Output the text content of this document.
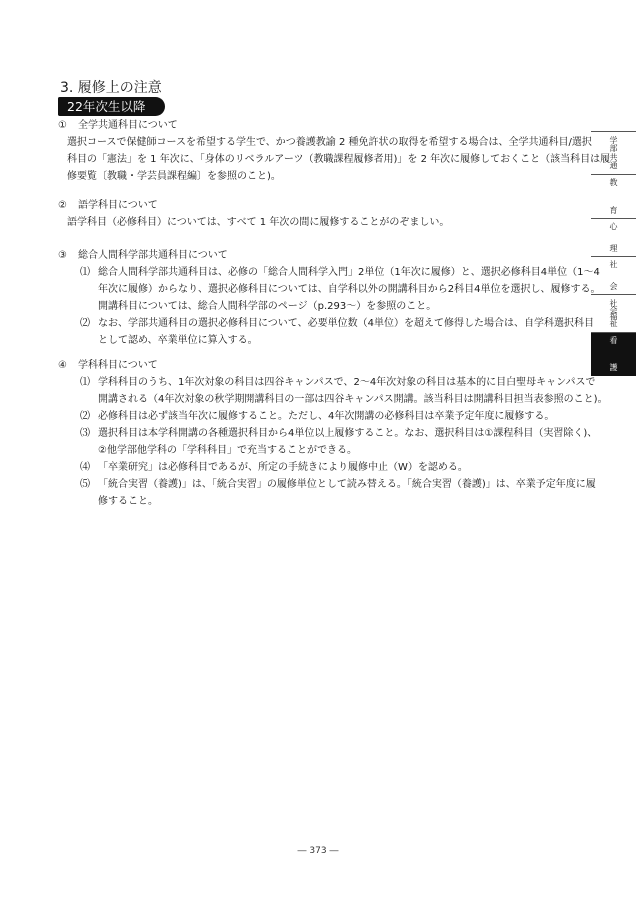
3. 履修上の注意
22年次生以降
① 全学共通科目について
選択コースで保健師コースを希望する学生で、かつ養護教諭 2 種免許状の取得を希望する場合は、全学共通科目/選択
科目の「憲法」を 1 年次に、「身体のリベラルアーツ（教職課程履修者用)」を 2 年次に履修しておくこと（該当科目は履
修要覧〔教職・学芸員課程編〕を参照のこと)。
② 語学科目について
語学科目（必修科目）については、すべて 1 年次の間に履修することがのぞましい。
③ 総合人間科学部共通科目について
⑴ 総合人間科学部共通科目は、必修の「総合人間科学入門」2単位（1年次に履修）と、選択必修科目4単位（1～4
年次に履修）からなり、選択必修科目については、自学科以外の開講科目から2科目4単位を選択し、履修する。
開講科目については、総合人間科学部のページ（p.293～）を参照のこと。
⑵ なお、学部共通科目の選択必修科目について、必要単位数（4単位）を超えて修得した場合は、自学科選択科目
として認め、卒業単位に算入する。
④ 学科科目について
⑴ 学科科目のうち、1年次対象の科目は四谷キャンパスで、2～4年次対象の科目は基本的に目白聖母キャンパスで
開講される（4年次対象の秋学期開講科目の一部は四谷キャンパス開講。該当科目は開講科目担当表参照のこと)。
⑵ 必修科目は必ず該当年次に履修すること。ただし、4年次開講の必修科目は卒業予定年度に履修する。
⑶ 選択科目は本学科開講の各種選択科目から4単位以上履修すること。なお、選択科目は①課程科目（実習除く)、
②他学部他学科の「学科科目」で充当することができる。
⑷ 「卒業研究」は必修科目であるが、所定の手続きにより履修中止（W）を認める。
⑸ 「統合実習（養護)」は、「統合実習」の履修単位として読み替える。「統合実習（養護)」は、卒業予定年度に履
修すること。
学
部
共
通
教
育
心
理
社
会
社
会
福
祉
看
護
― 373 ―
